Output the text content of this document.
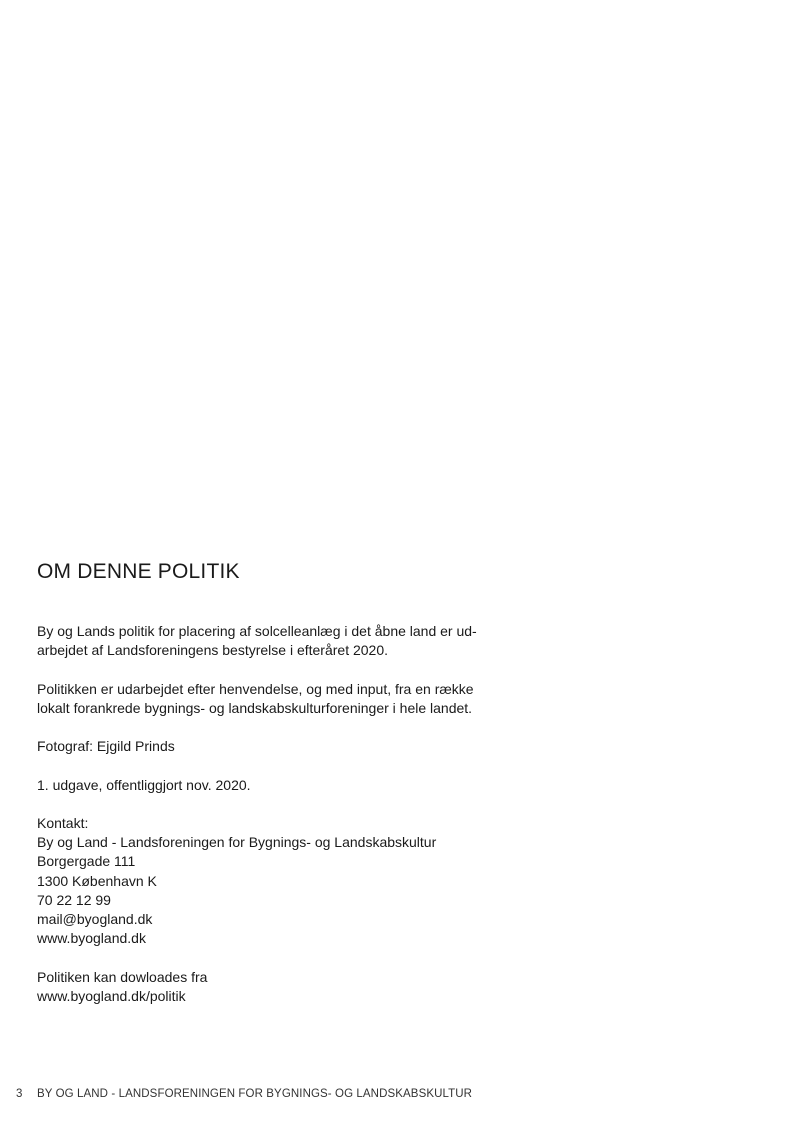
OM DENNE POLITIK

By og Lands politik for placering af solcelleanlæg i det åbne land er ud-
arbejdet af Landsforeningens bestyrelse i efteråret 2020.

Politikken er udarbejdet efter henvendelse, og med input, fra en række
lokalt forankrede bygnings- og landskabskulturforeninger i hele landet.

Fotograf: Ejgild Prinds

1. udgave, offentliggjort nov. 2020.

Kontakt:
By og Land - Landsforeningen for Bygnings- og Landskabskultur
Borgergade 111
1300 København K
70 22 12 99
mail@byogland.dk
www.byogland.dk

Politiken kan dowloades fra
www.byogland.dk/politik

3 BY OG LAND - LANDSFORENINGEN FOR BYGNINGS- OG LANDSKABSKULTUR
